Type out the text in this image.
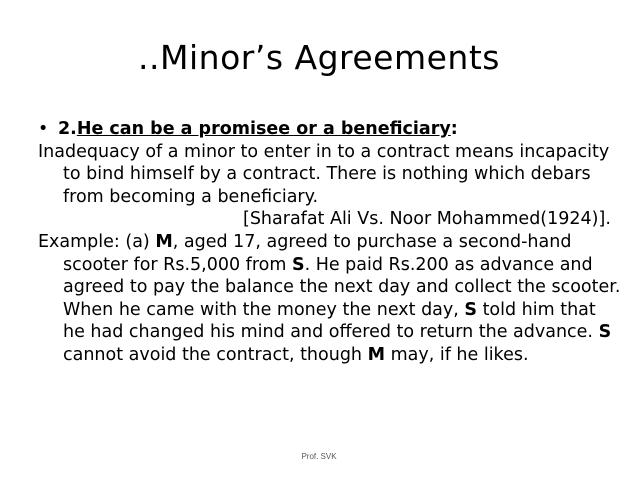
..Minor’s Agreements

• 2.He can be a promisee or a beneficiary:

Inadequacy of a minor to enter in to a contract means incapacity to bind himself by a contract. There is nothing which debars from becoming a beneficiary.

[Sharafat Ali Vs. Noor Mohammed(1924)].

Example: (a) M, aged 17, agreed to purchase a second-hand scooter for Rs.5,000 from S. He paid Rs.200 as advance and agreed to pay the balance the next day and collect the scooter. When he came with the money the next day, S told him that he had changed his mind and offered to return the advance. S cannot avoid the contract, though M may, if he likes.

Prof. SVK
